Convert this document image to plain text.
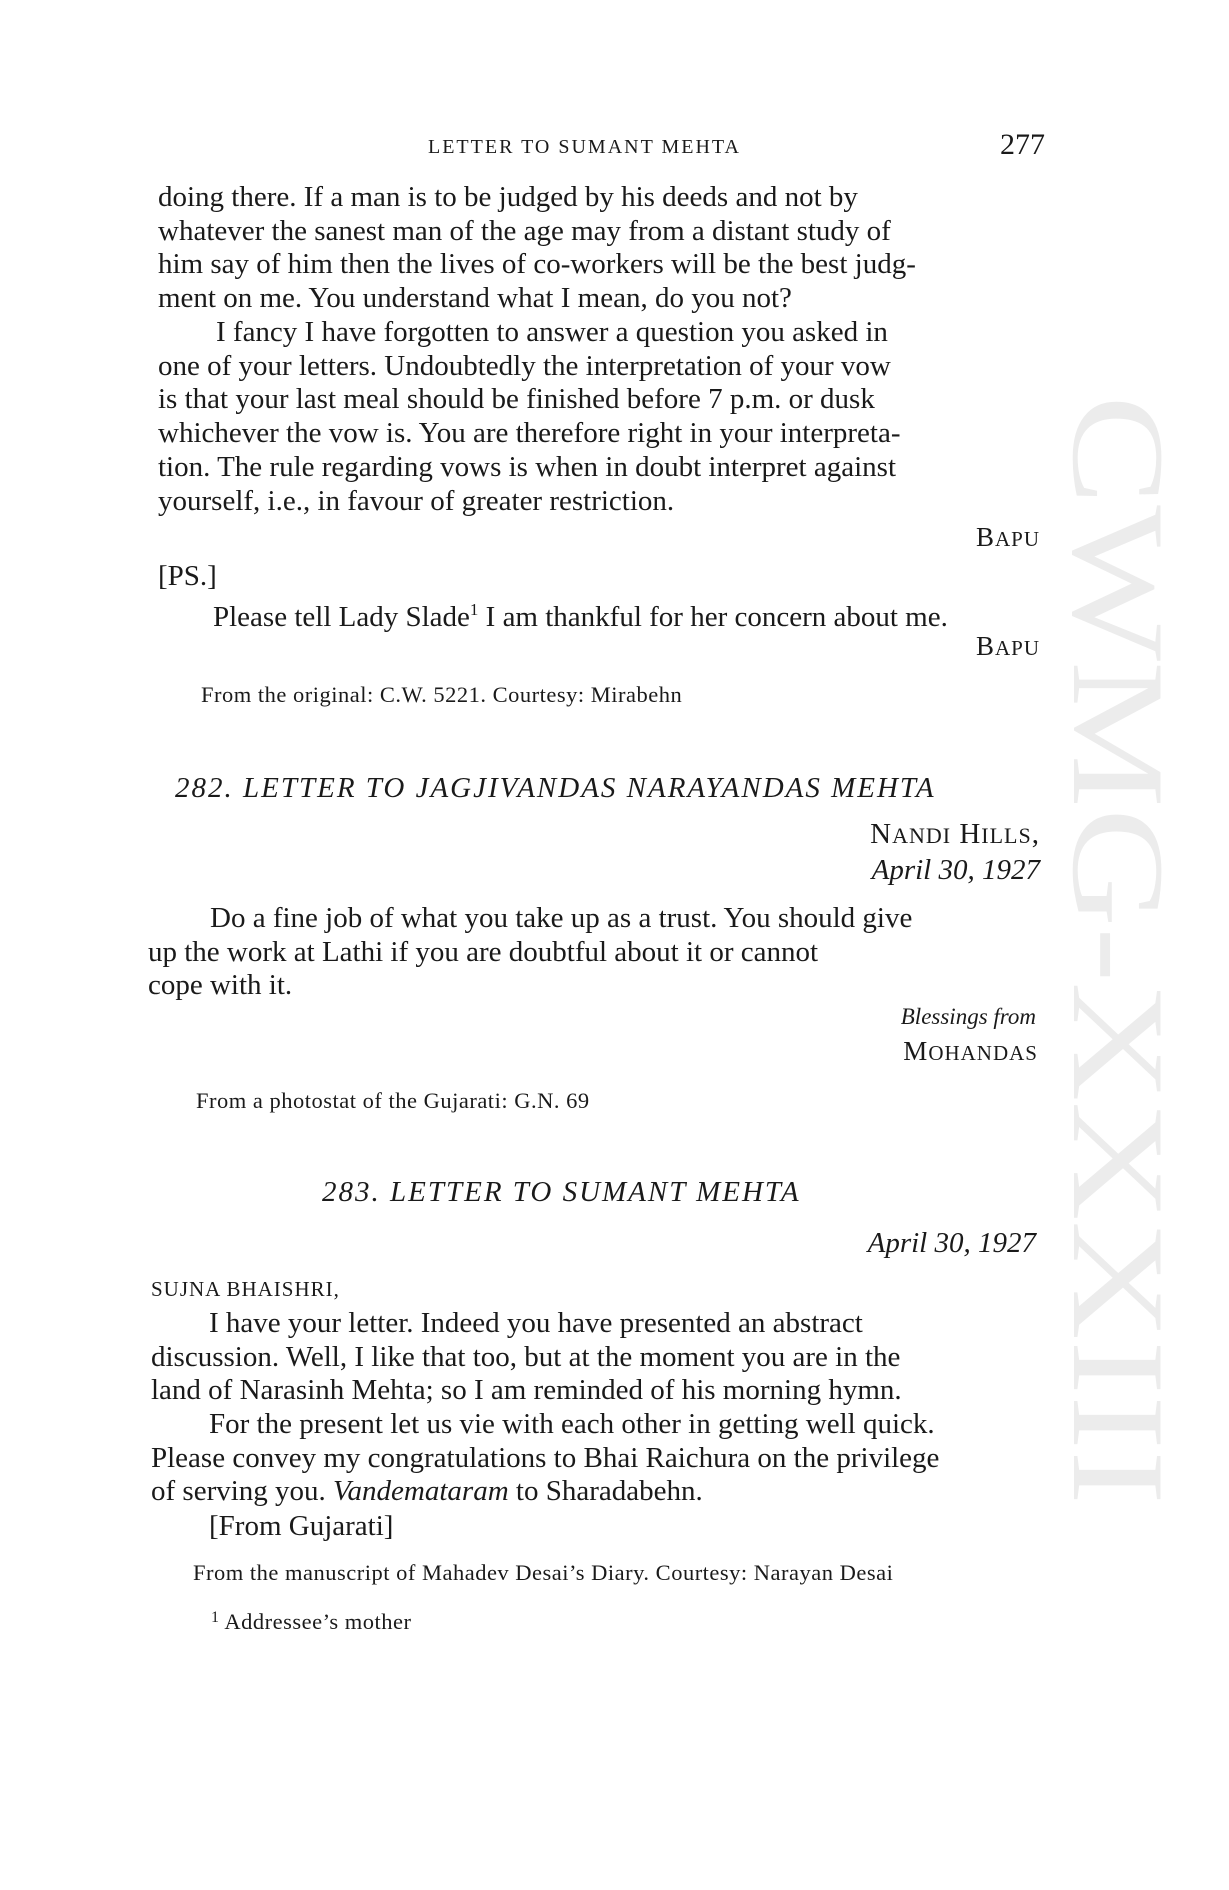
CWMG-XXXIII
LETTER TO SUMANT MEHTA	277
doing there. If a man is to be judged by his deeds and not by
whatever the sanest man of the age may from a distant study of
him say of him then the lives of co-workers will be the best judg-
ment on me. You understand what I mean, do you not?
I fancy I have forgotten to answer a question you asked in
one of your letters. Undoubtedly the interpretation of your vow
is that your last meal should be finished before 7 p.m. or dusk
whichever the vow is. You are therefore right in your interpreta-
tion. The rule regarding vows is when in doubt interpret against
yourself, i.e., in favour of greater restriction.
BAPU
[PS.]
Please tell Lady Slade$^1$ I am thankful for her concern about me.
BAPU
From the original: C.W. 5221. Courtesy: Mirabehn
282. LETTER TO JAGJIVANDAS NARAYANDAS MEHTA
NANDI HILLS,
April 30, 1927
Do a fine job of what you take up as a trust. You should give
up the work at Lathi if you are doubtful about it or cannot
cope with it.
Blessings from
MOHANDAS
From a photostat of the Gujarati: G.N. 69
283. LETTER TO SUMANT MEHTA
April 30, 1927
SUJNA BHAISHRI,
I have your letter. Indeed you have presented an abstract
discussion. Well, I like that too, but at the moment you are in the
land of Narasinh Mehta; so I am reminded of his morning hymn.
For the present let us vie with each other in getting well quick.
Please convey my congratulations to Bhai Raichura on the privilege
of serving you. Vandemataram to Sharadabehn.
[From Gujarati]
From the manuscript of Mahadev Desai’s Diary. Courtesy: Narayan Desai
$^1$ Addressee’s mother
